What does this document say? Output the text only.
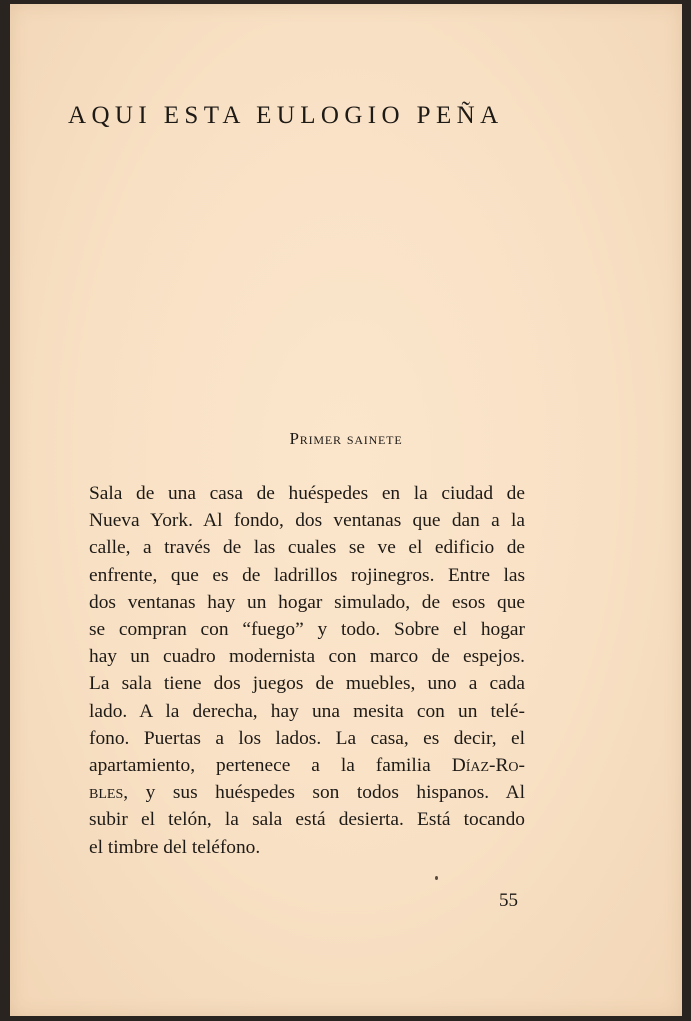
AQUI ESTA EULOGIO PEÑA
Primer sainete
Sala de una casa de huéspedes en la ciudad de
Nueva York. Al fondo, dos ventanas que dan a la
calle, a través de las cuales se ve el edificio de
enfrente, que es de ladrillos rojinegros. Entre las
dos ventanas hay un hogar simulado, de esos que
se compran con “fuego” y todo. Sobre el hogar
hay un cuadro modernista con marco de espejos.
La sala tiene dos juegos de muebles, uno a cada
lado. A la derecha, hay una mesita con un telé-
fono. Puertas a los lados. La casa, es decir, el
apartamiento, pertenece a la familia Díaz-Ro-
bles, y sus huéspedes son todos hispanos. Al
subir el telón, la sala está desierta. Está tocando
el timbre del teléfono.
55
